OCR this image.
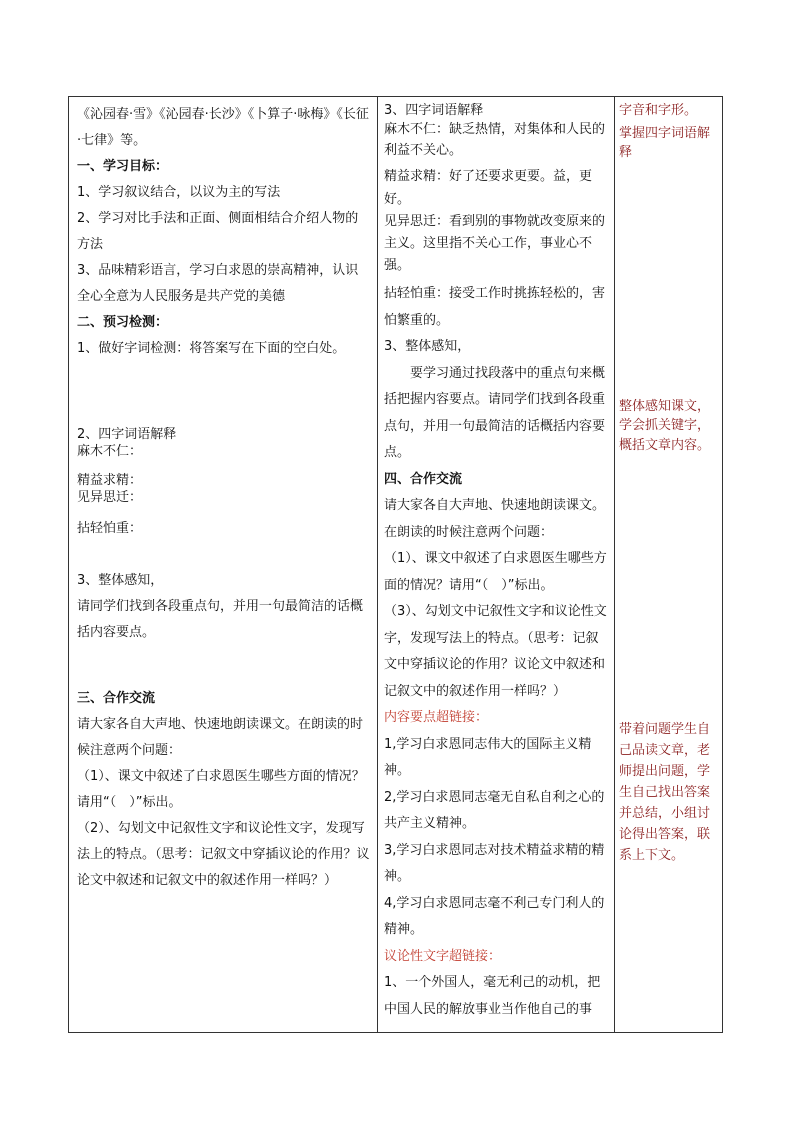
《沁园春·雪》《沁园春·长沙》《卜算子·咏梅》《长征·七律》等。

一、学习目标：

1、学习叙议结合，以议为主的写法

2、学习对比手法和正面、侧面相结合介绍人物的方法

3、品味精彩语言，学习白求恩的崇高精神，认识全心全意为人民服务是共产党的美德

二、预习检测：

1、做好字词检测：将答案写在下面的空白处。

2、四字词语解释

麻木不仁：

精益求精：

见异思迁：

拈轻怕重：

3、整体感知，

请同学们找到各段重点句，并用一句最简洁的话概括内容要点。

三、合作交流

请大家各自大声地、快速地朗读课文。在朗读的时候注意两个问题：

（1）、课文中叙述了白求恩医生哪些方面的情况？请用“（　）”标出。

（2）、勾划文中记叙性文字和议论性文字，发现写法上的特点。（思考：记叙文中穿插议论的作用？议论文中叙述和记叙文中的叙述作用一样吗？）

3、四字词语解释

麻木不仁：缺乏热情，对集体和人民的利益不关心。

精益求精：好了还要求更要。益，更好。

见异思迁：看到别的事物就改变原来的主义。这里指不关心工作，事业心不强。

拈轻怕重：接受工作时挑拣轻松的，害怕繁重的。

3、整体感知，

要学习通过找段落中的重点句来概括把握内容要点。请同学们找到各段重点句，并用一句最简洁的话概括内容要点。

四、合作交流

请大家各自大声地、快速地朗读课文。在朗读的时候注意两个问题：

（1）、课文中叙述了白求恩医生哪些方面的情况？请用“（　）”标出。

（3）、勾划文中记叙性文字和议论性文字，发现写法上的特点。（思考：记叙文中穿插议论的作用？议论文中叙述和记叙文中的叙述作用一样吗？）

内容要点超链接：

1,学习白求恩同志伟大的国际主义精神。

2,学习白求恩同志毫无自私自利之心的共产主义精神。

3,学习白求恩同志对技术精益求精的精神。

4,学习白求恩同志毫不利己专门利人的精神。

议论性文字超链接：

1、一个外国人，毫无利己的动机，把中国人民的解放事业当作他自己的事

字音和字形。

掌握四字词语解释

整体感知课文，学会抓关键字，概括文章内容。

带着问题学生自己品读文章，老师提出问题，学生自己找出答案并总结，小组讨论得出答案，联系上下文。
